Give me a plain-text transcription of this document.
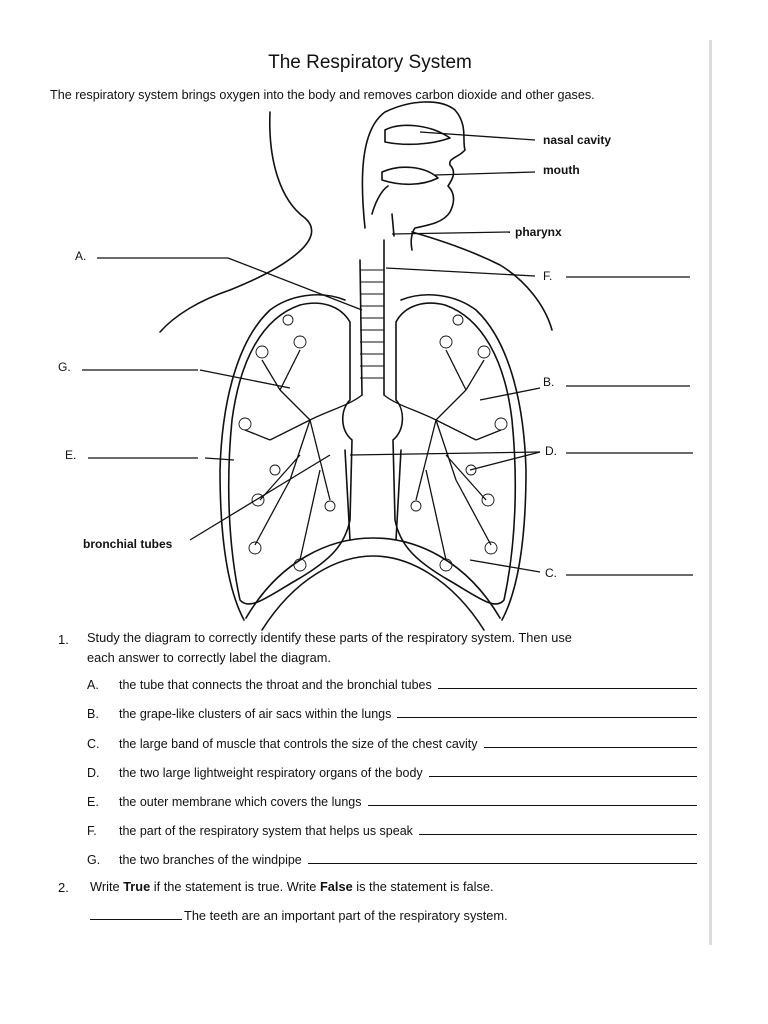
The Respiratory System

The respiratory system brings oxygen into the body and removes carbon dioxide and other gases.

nasal cavity
mouth
pharynx
bronchial tubes
A.
G.
E.
F.
B.
D.
C.
1. Study the diagram to correctly identify these parts of the respiratory system. Then use
each answer to correctly label the diagram.
A.	the tube that connects the throat and the bronchial tubes
B.	the grape-like clusters of air sacs within the lungs
C.	the large band of muscle that controls the size of the chest cavity
D.	the two large lightweight respiratory organs of the body
E.	the outer membrane which covers the lungs
F.	the part of the respiratory system that helps us speak
G.	the two branches of the windpipe
2. Write True if the statement is true. Write False is the statement is false.
The teeth are an important part of the respiratory system.
